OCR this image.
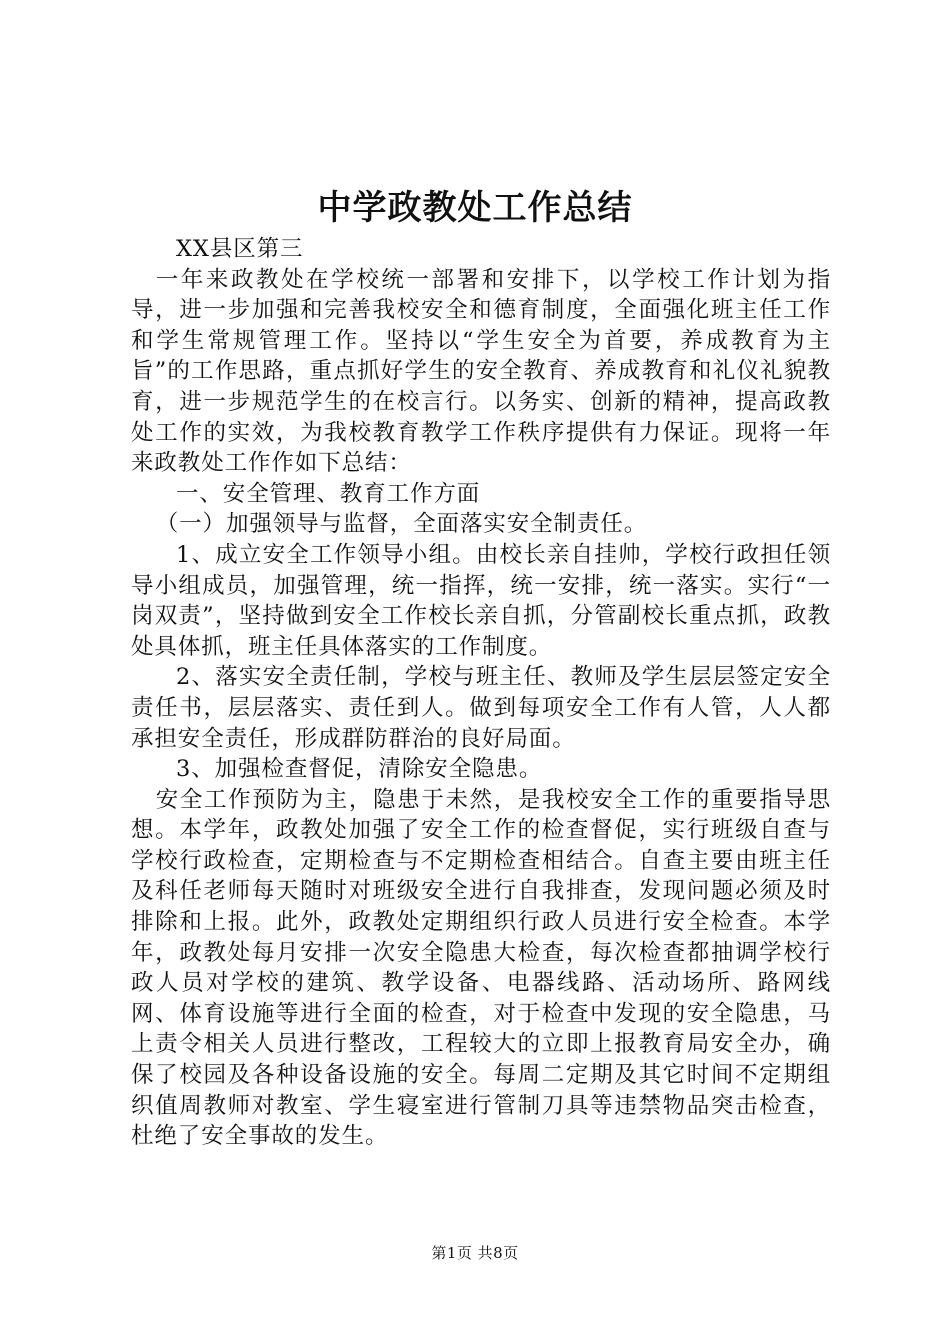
中学政教处工作总结

XX县区第三

一年来政教处在学校统一部署和安排下，以学校工作计划为指导，进一步加强和完善我校安全和德育制度，全面强化班主任工作和学生常规管理工作。坚持以“学生安全为首要，养成教育为主旨”的工作思路，重点抓好学生的安全教育、养成教育和礼仪礼貌教育，进一步规范学生的在校言行。以务实、创新的精神，提高政教处工作的实效，为我校教育教学工作秩序提供有力保证。现将一年来政教处工作作如下总结：

一、安全管理、教育工作方面

（一）加强领导与监督，全面落实安全制责任。

1、成立安全工作领导小组。由校长亲自挂帅，学校行政担任领导小组成员，加强管理，统一指挥，统一安排，统一落实。实行“一岗双责”，坚持做到安全工作校长亲自抓，分管副校长重点抓，政教处具体抓，班主任具体落实的工作制度。

2、落实安全责任制，学校与班主任、教师及学生层层签定安全责任书，层层落实、责任到人。做到每项安全工作有人管，人人都承担安全责任，形成群防群治的良好局面。

3、加强检查督促，清除安全隐患。

安全工作预防为主，隐患于未然，是我校安全工作的重要指导思想。本学年，政教处加强了安全工作的检查督促，实行班级自查与学校行政检查，定期检查与不定期检查相结合。自查主要由班主任及科任老师每天随时对班级安全进行自我排查，发现问题必须及时排除和上报。此外，政教处定期组织行政人员进行安全检查。本学年，政教处每月安排一次安全隐患大检查，每次检查都抽调学校行政人员对学校的建筑、教学设备、电器线路、活动场所、路网线网、体育设施等进行全面的检查，对于检查中发现的安全隐患，马上责令相关人员进行整改，工程较大的立即上报教育局安全办，确保了校园及各种设备设施的安全。每周二定期及其它时间不定期组织值周教师对教室、学生寝室进行管制刀具等违禁物品突击检查，杜绝了安全事故的发生。

第1页 共8页
